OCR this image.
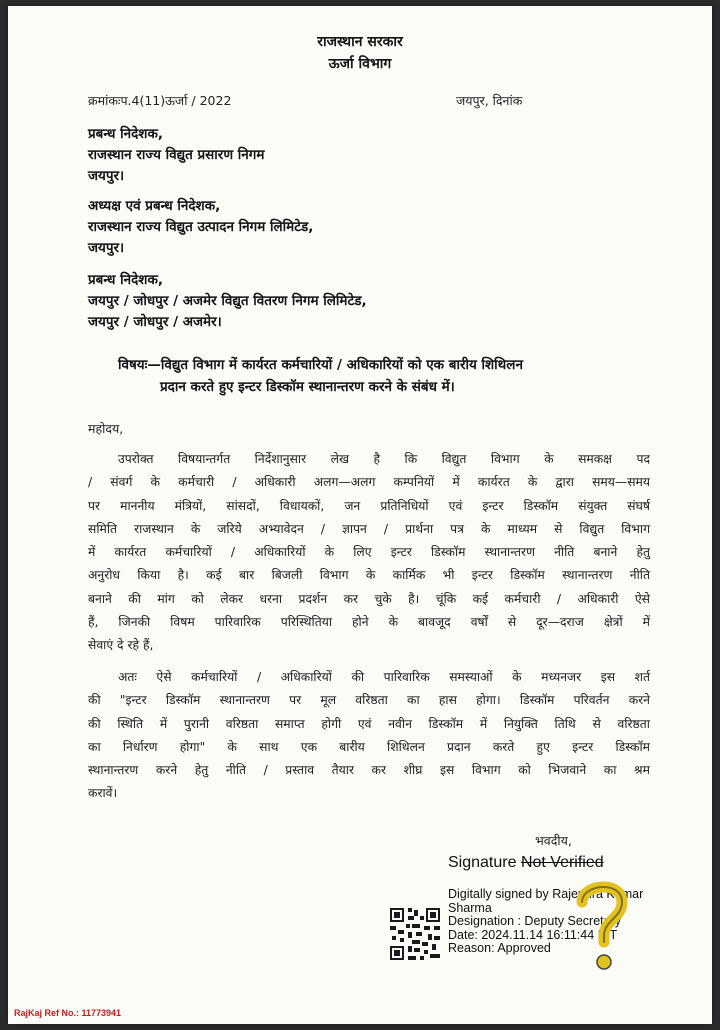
राजस्थान सरकार
ऊर्जा विभाग
क्रमांकःप.4(11)ऊर्जा / 2022	जयपुर, दिनांक
प्रबन्ध निदेशक,
राजस्थान राज्य विद्युत प्रसारण निगम
जयपुर।
अध्यक्ष एवं प्रबन्ध निदेशक,
राजस्थान राज्य विद्युत उत्पादन निगम लिमिटेड,
जयपुर।
प्रबन्ध निदेशक,
जयपुर / जोधपुर / अजमेर विद्युत वितरण निगम लिमिटेड,
जयपुर / जोधपुर / अजमेर।
विषयः—विद्युत विभाग में कार्यरत कर्मचारियों / अधिकारियों को एक बारीय शिथिलन
प्रदान करते हुए इन्टर डिस्कॉम स्थानान्तरण करने के संबंध में।
महोदय,
उपरोक्त विषयान्तर्गत निर्देशानुसार लेख है कि विद्युत विभाग के समकक्ष पद
/ संवर्ग के कर्मचारी / अधिकारी अलग—अलग कम्पनियों में कार्यरत के द्वारा समय—समय
पर माननीय मंत्रियों, सांसदों, विधायकों, जन प्रतिनिधियों एवं इन्टर डिस्कॉम संयुक्त संघर्ष
समिति राजस्थान के जरिये अभ्यावेदन / ज्ञापन / प्रार्थना पत्र के माध्यम से विद्युत विभाग
में कार्यरत कर्मचारियों / अधिकारियों के लिए इन्टर डिस्कॉम स्थानान्तरण नीति बनाने हेतु
अनुरोध किया है। कई बार बिजली विभाग के कार्मिक भी इन्टर डिस्कॉम स्थानान्तरण नीति
बनाने की मांग को लेकर धरना प्रदर्शन कर चुके है। चूंकि कई कर्मचारी / अधिकारी ऐसे
हैं, जिनकी विषम पारिवारिक परिस्थितिया होने के बावजूद वर्षों से दूर—दराज क्षेत्रों में
सेवाएं दे रहे हैं,
अतः ऐसे कर्मचारियों / अधिकारियों की पारिवारिक समस्याओं के मध्यनजर इस शर्त
की "इन्टर डिस्कॉम स्थानान्तरण पर मूल वरिष्ठता का हास होगा। डिस्कॉम परिवर्तन करने
की स्थिति में पुरानी वरिष्ठता समाप्त होगी एवं नवीन डिस्कॉम में नियुक्ति तिथि से वरिष्ठता
का निर्धारण होगा" के साथ एक बारीय शिथिलन प्रदान करते हुए इन्टर डिस्कॉम
स्थानान्तरण करने हेतु नीति / प्रस्ताव तैयार कर शीघ्र इस विभाग को भिजवाने का श्रम
करावें।
भवदीय,
Signature Not Verified
Digitally signed by Rajendra Kumar
Sharma
Designation : Deputy Secretary
Date: 2024.11.14 16:11:44 IST
Reason: Approved
RajKaj Ref No.: 11773941
